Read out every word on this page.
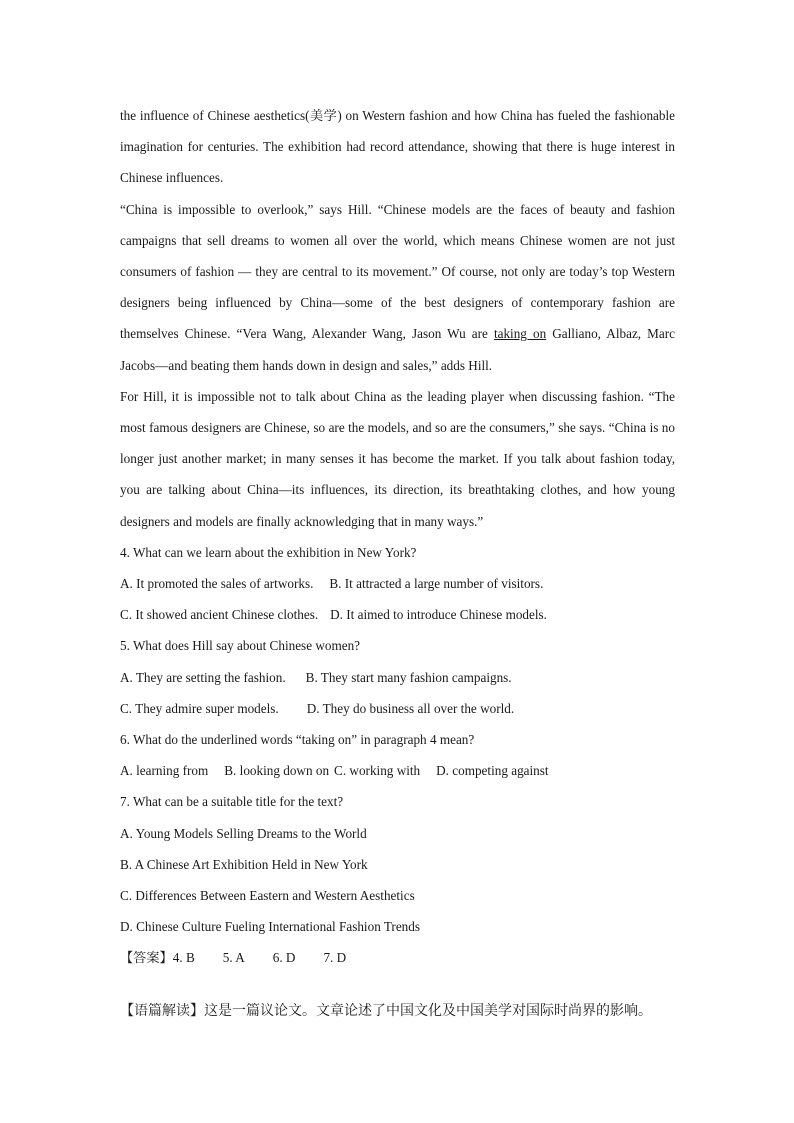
the influence of Chinese aesthetics(美学) on Western fashion and how China has fueled the fashionable imagination for centuries. The exhibition had record attendance, showing that there is huge interest in Chinese influences.

“China is impossible to overlook,” says Hill. “Chinese models are the faces of beauty and fashion campaigns that sell dreams to women all over the world, which means Chinese women are not just consumers of fashion — they are central to its movement.” Of course, not only are today’s top Western designers being influenced by China—some of the best designers of contemporary fashion are themselves Chinese. “Vera Wang, Alexander Wang, Jason Wu are taking on Galliano, Albaz, Marc Jacobs—and beating them hands down in design and sales,” adds Hill.

For Hill, it is impossible not to talk about China as the leading player when discussing fashion. “The most famous designers are Chinese, so are the models, and so are the consumers,” she says. “China is no longer just another market; in many senses it has become the market. If you talk about fashion today, you are talking about China—its influences, its direction, its breathtaking clothes, and how young designers and models are finally acknowledging that in many ways.”

4. What can we learn about the exhibition in New York?

A. It promoted the sales of artworks. B. It attracted a large number of visitors.

C. It showed ancient Chinese clothes. D. It aimed to introduce Chinese models.

5. What does Hill say about Chinese women?

A. They are setting the fashion. B. They start many fashion campaigns.

C. They admire super models. D. They do business all over the world.

6. What do the underlined words “taking on” in paragraph 4 mean?

A. learning from B. looking down on C. working with D. competing against

7. What can be a suitable title for the text?

A. Young Models Selling Dreams to the World

B. A Chinese Art Exhibition Held in New York

C. Differences Between Eastern and Western Aesthetics

D. Chinese Culture Fueling International Fashion Trends

【答案】4. B 5. A 6. D 7. D

【语篇解读】这是一篇议论文。文章论述了中国文化及中国美学对国际时尚界的影响。
